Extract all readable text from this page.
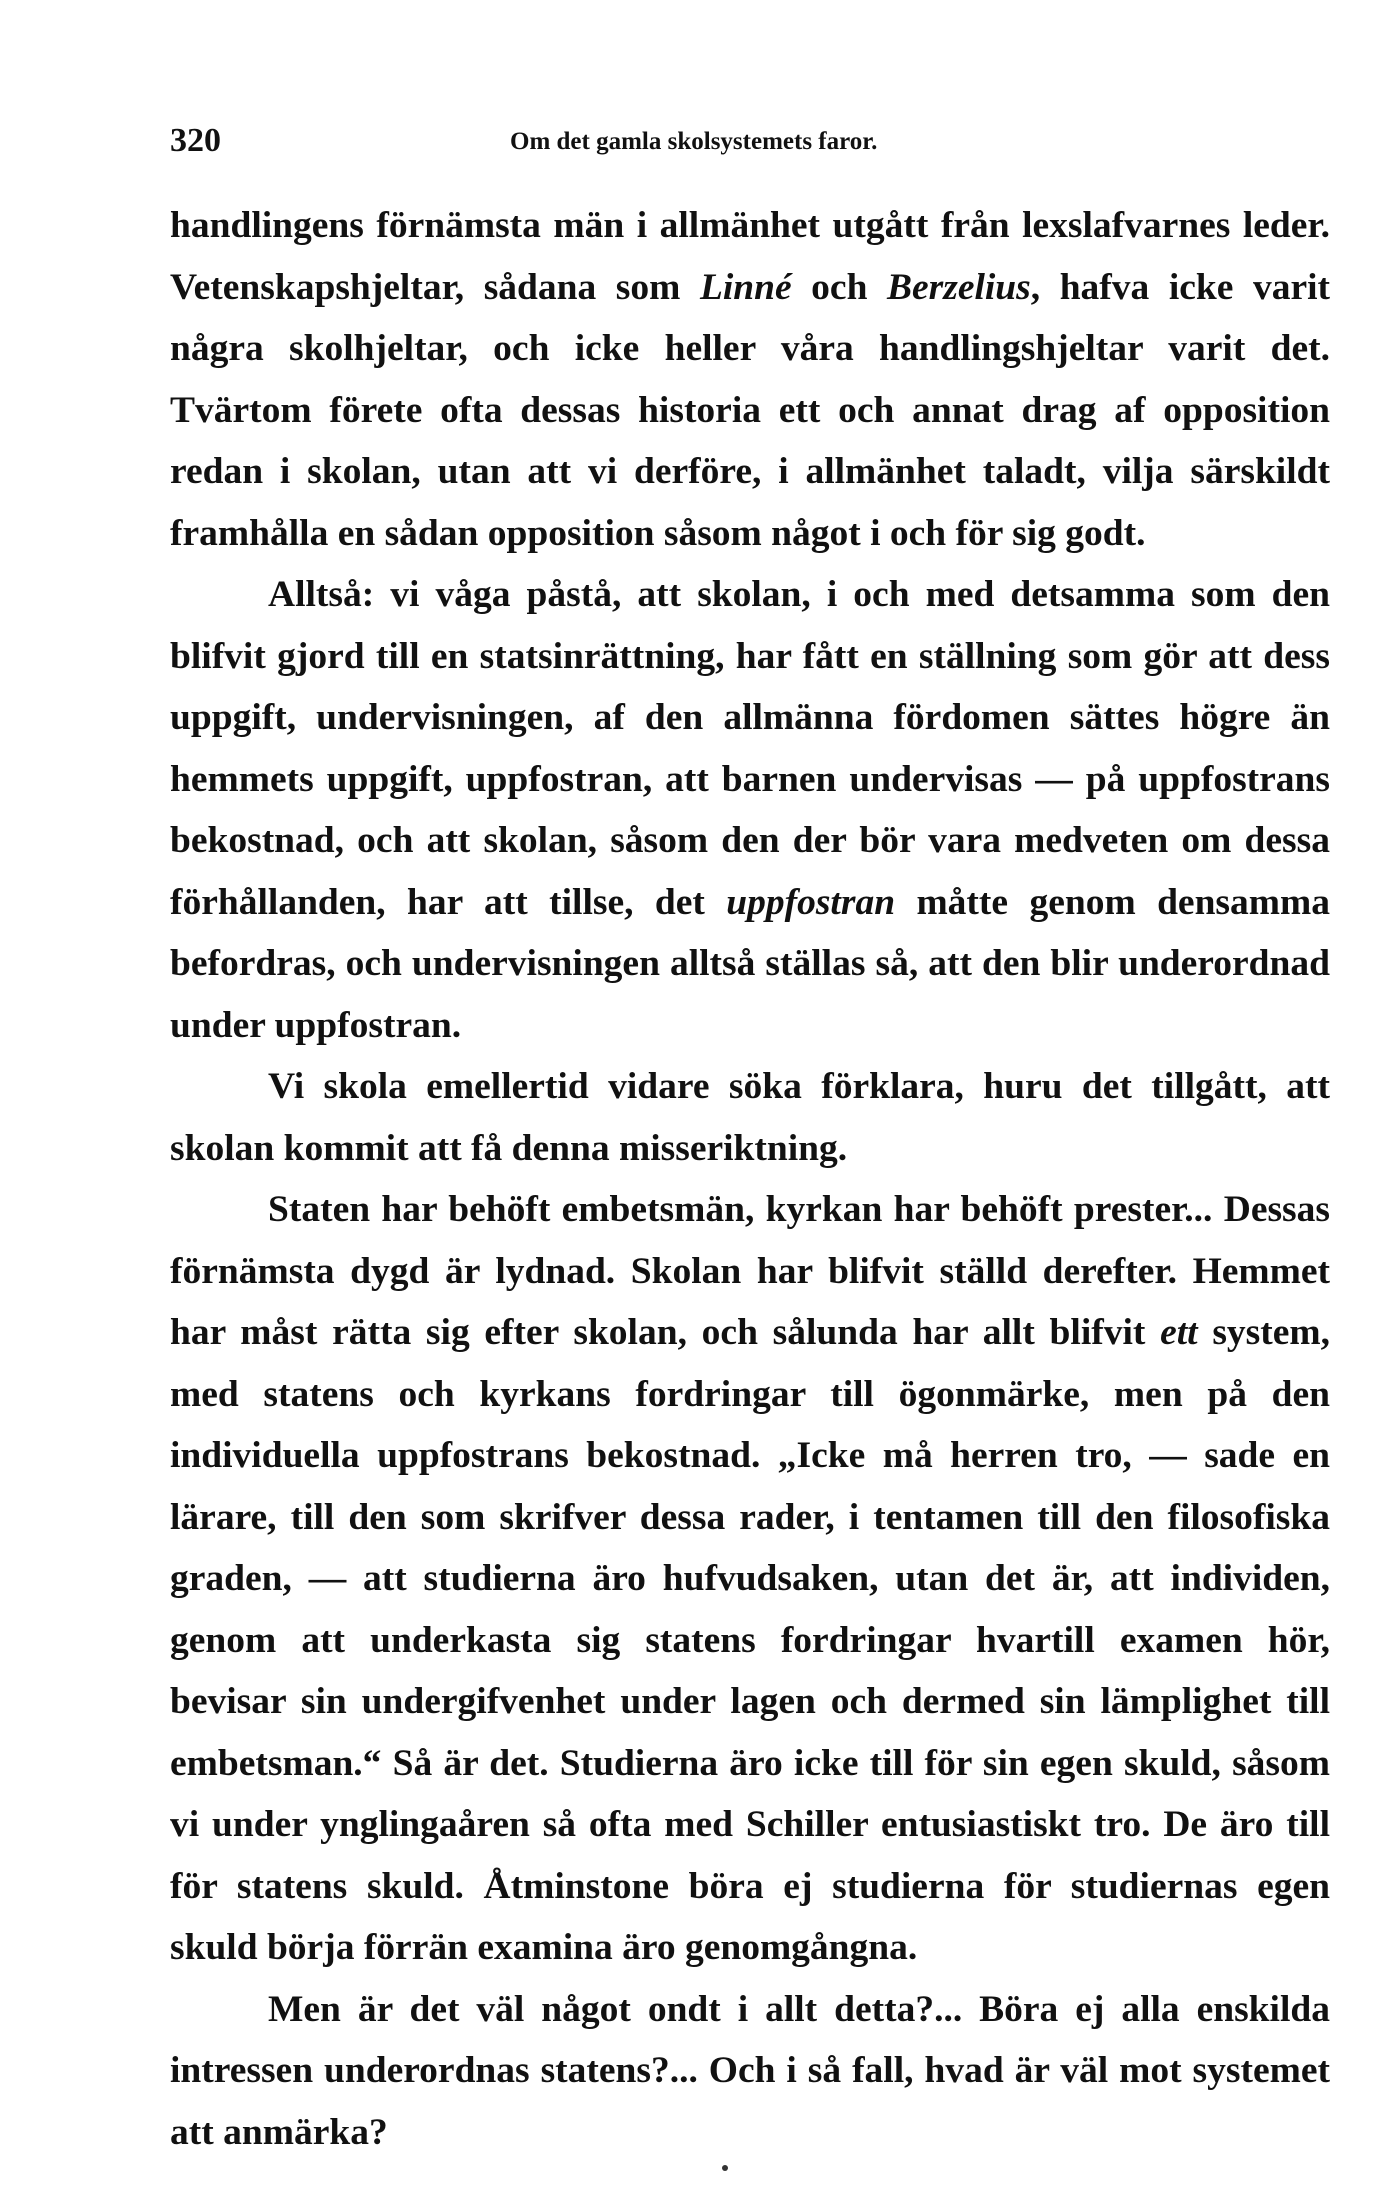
320	Om det gamla skolsystemets faror.

handlingens förnämsta män i allmänhet utgått från lexslafvarnes leder. Vetenskapshjeltar, sådana som Linné och Berzelius, hafva icke varit några skolhjeltar, och icke heller våra handlingshjeltar varit det. Tvärtom förete ofta dessas historia ett och annat drag af opposition redan i skolan, utan att vi derföre, i allmänhet taladt, vilja särskildt framhålla en sådan opposition såsom något i och för sig godt.

Alltså: vi våga påstå, att skolan, i och med detsamma som den blifvit gjord till en statsinrättning, har fått en ställning som gör att dess uppgift, undervisningen, af den allmänna fördomen sättes högre än hemmets uppgift, uppfostran, att barnen undervisas — på uppfostrans bekostnad, och att skolan, såsom den der bör vara medveten om dessa förhållanden, har att tillse, det uppfostran måtte genom densamma befordras, och undervisningen alltså ställas så, att den blir underordnad under uppfostran.

Vi skola emellertid vidare söka förklara, huru det tillgått, att skolan kommit att få denna misseriktning.

Staten har behöft embetsmän, kyrkan har behöft prester... Dessas förnämsta dygd är lydnad. Skolan har blifvit ställd derefter. Hemmet har måst rätta sig efter skolan, och sålunda har allt blifvit ett system, med statens och kyrkans fordringar till ögonmärke, men på den individuella uppfostrans bekostnad. „Icke må herren tro, — sade en lärare, till den som skrifver dessa rader, i tentamen till den filosofiska graden, — att studierna äro hufvudsaken, utan det är, att individen, genom att underkasta sig statens fordringar hvartill examen hör, bevisar sin undergifvenhet under lagen och dermed sin lämplighet till embetsman.“ Så är det. Studierna äro icke till för sin egen skuld, såsom vi under ynglingaåren så ofta med Schiller entusiastiskt tro. De äro till för statens skuld. Åtminstone böra ej studierna för studiernas egen skuld börja förrän examina äro genomgångna.

Men är det väl något ondt i allt detta?... Böra ej alla enskilda intressen underordnas statens?... Och i så fall, hvad är väl mot systemet att anmärka?
